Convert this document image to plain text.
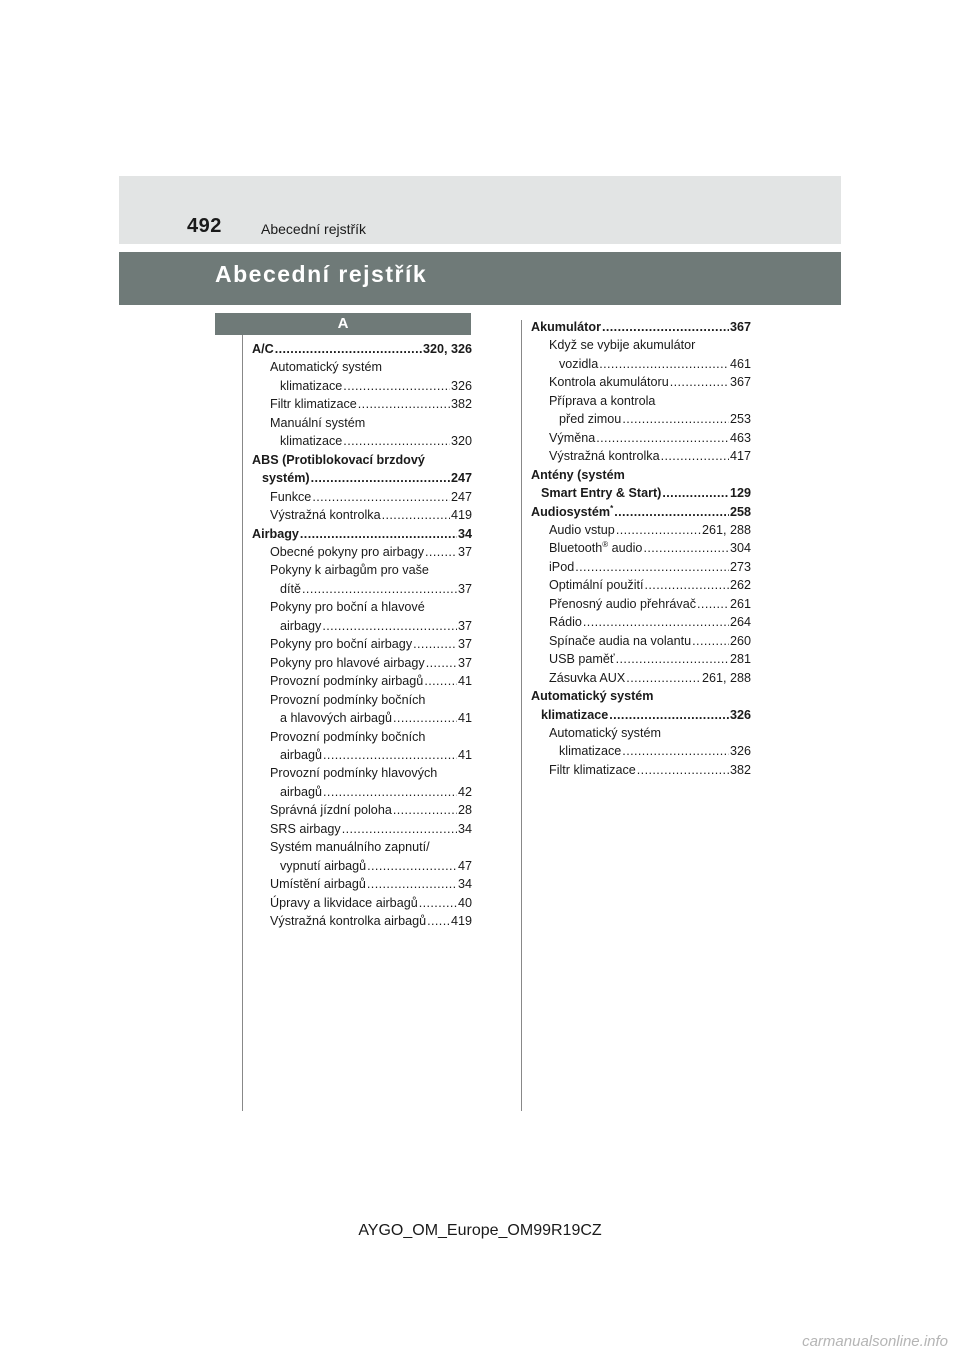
492	Abecední rejstřík
Abecední rejstřík
A
A/C .....	320, 326
Automatický systém
klimatizace .....	326
Filtr klimatizace .....	382
Manuální systém
klimatizace .....	320
ABS (Protiblokovací brzdový
systém) .....	247
Funkce .....	247
Výstražná kontrolka .....	419
Airbagy .....	34
Obecné pokyny pro airbagy .....	37
Pokyny k airbagům pro vaše
dítě .....	37
Pokyny pro boční a hlavové
airbagy .....	37
Pokyny pro boční airbagy .....	37
Pokyny pro hlavové airbagy .....	37
Provozní podmínky airbagů .....	41
Provozní podmínky bočních
a hlavových airbagů .....	41
Provozní podmínky bočních
airbagů .....	41
Provozní podmínky hlavových
airbagů .....	42
Správná jízdní poloha .....	28
SRS airbagy .....	34
Systém manuálního zapnutí/
vypnutí airbagů .....	47
Umístění airbagů .....	34
Úpravy a likvidace airbagů .....	40
Výstražná kontrolka airbagů ..... 419
Akumulátor .....	367
Když se vybije akumulátor
vozidla .....	461
Kontrola akumulátoru .....	367
Příprava a kontrola
před zimou .....	253
Výměna .....	463
Výstražná kontrolka .....	417
Antény (systém
Smart Entry & Start) .....	129
Audiosystém* .....	258
Audio vstup .....	261, 288
Bluetooth® audio .....	304
iPod .....	273
Optimální použití .....	262
Přenosný audio přehrávač .....	261
Rádio .....	264
Spínače audia na volantu .....	260
USB paměť .....	281
Zásuvka AUX .....	261, 288
Automatický systém
klimatizace .....	326
Automatický systém
klimatizace .....	326
Filtr klimatizace .....	382
AYGO_OM_Europe_OM99R19CZ
carmanualsonline.info
